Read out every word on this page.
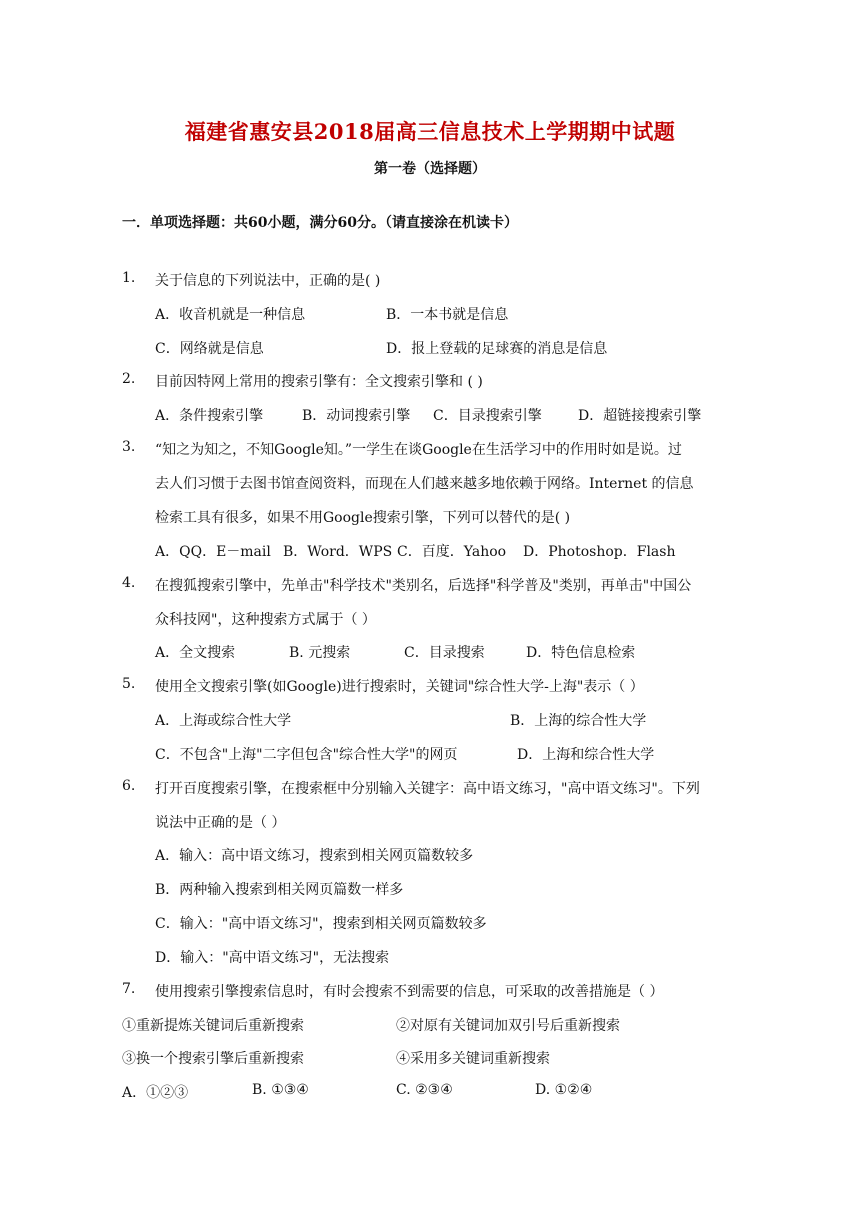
福建省惠安县2018届高三信息技术上学期期中试题
第一卷（选择题）
一．单项选择题：共60小题，满分60分。（请直接涂在机读卡）
1. 关于信息的下列说法中，正确的是( )
A．收音机就是一种信息	B．一本书就是信息
C．网络就是信息	D．报上登载的足球赛的消息是信息
2. 目前因特网上常用的搜索引擎有：全文搜索引擎和 ( )
A．条件搜索引擎	B．动词搜索引擎 C．目录搜索引擎	D．超链接搜索引擎
3. “知之为知之，不知Google知。”一学生在谈Google在生活学习中的作用时如是说。过
去人们习惯于去图书馆查阅资料，而现在人们越来越多地依赖于网络。Internet 的信息
检索工具有很多，如果不用Google搜索引擎，下列可以替代的是( )
A．QQ．E－mail B．Word．WPS C．百度．Yahoo D．Photoshop．Flash
4. 在搜狐搜索引擎中，先单击"科学技术"类别名，后选择"科学普及"类别，再单击"中国公
众科技网"，这种搜索方式属于（ ）
A．全文搜索	B. 元搜索	C．目录搜索	D．特色信息检索
5. 使用全文搜索引擎(如Google)进行搜索时，关键词"综合性大学-上海"表示（ ）
A．上海或综合性大学	B．上海的综合性大学
C．不包含"上海"二字但包含"综合性大学"的网页	D．上海和综合性大学
6. 打开百度搜索引擎，在搜索框中分别输入关键字：高中语文练习，"高中语文练习"。下列
说法中正确的是（ ）
A．输入：高中语文练习，搜索到相关网页篇数较多
B．两种输入搜索到相关网页篇数一样多
C．输入："高中语文练习"，搜索到相关网页篇数较多
D．输入："高中语文练习"，无法搜索
7. 使用搜索引擎搜索信息时，有时会搜索不到需要的信息，可采取的改善措施是（ ）
①重新提炼关键词后重新搜索	②对原有关键词加双引号后重新搜索
③换一个搜索引擎后重新搜索	④采用多关键词重新搜索
A．①②③	B. ①③④	C. ②③④	D. ①②④
